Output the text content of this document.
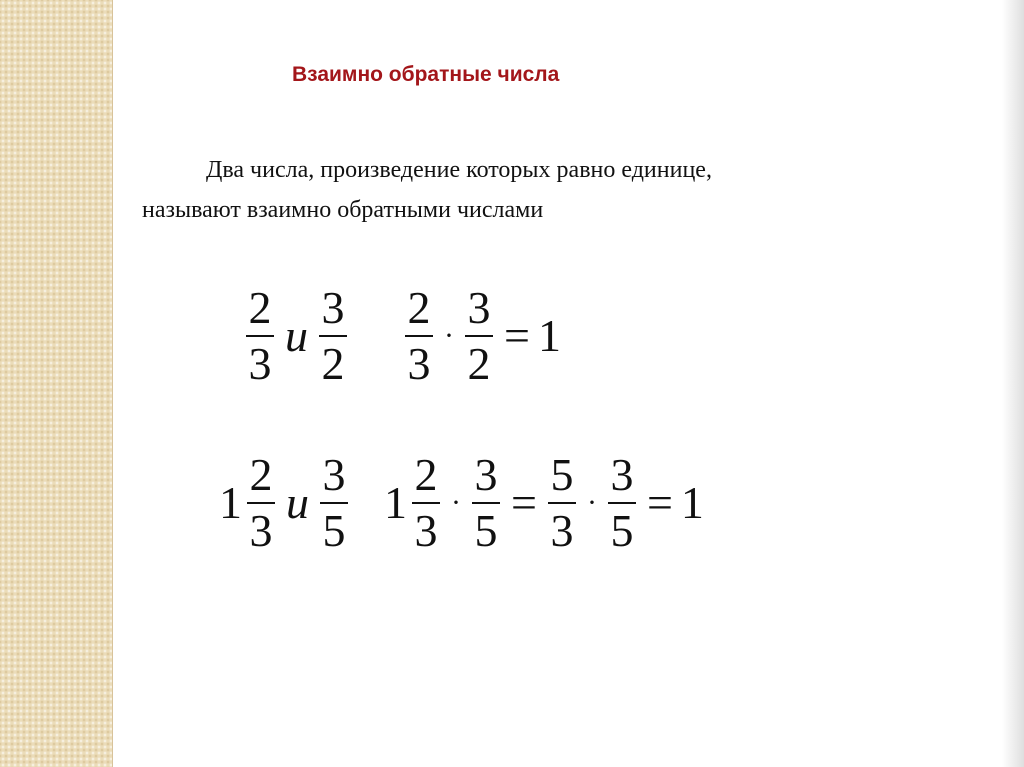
Взаимно обратные числа
Два числа, произведение которых равно единице,
называют взаимно обратными числами
$\frac{2}{3}$ и $\frac{3}{2} \frac{2}{3} \cdot \frac{3}{2} = 1$
$1 \frac{2}{3}$ и $\frac{3}{5} 1 \frac{2}{3} \cdot \frac{3}{5} = \frac{5}{3} \cdot \frac{3}{5} = 1$
